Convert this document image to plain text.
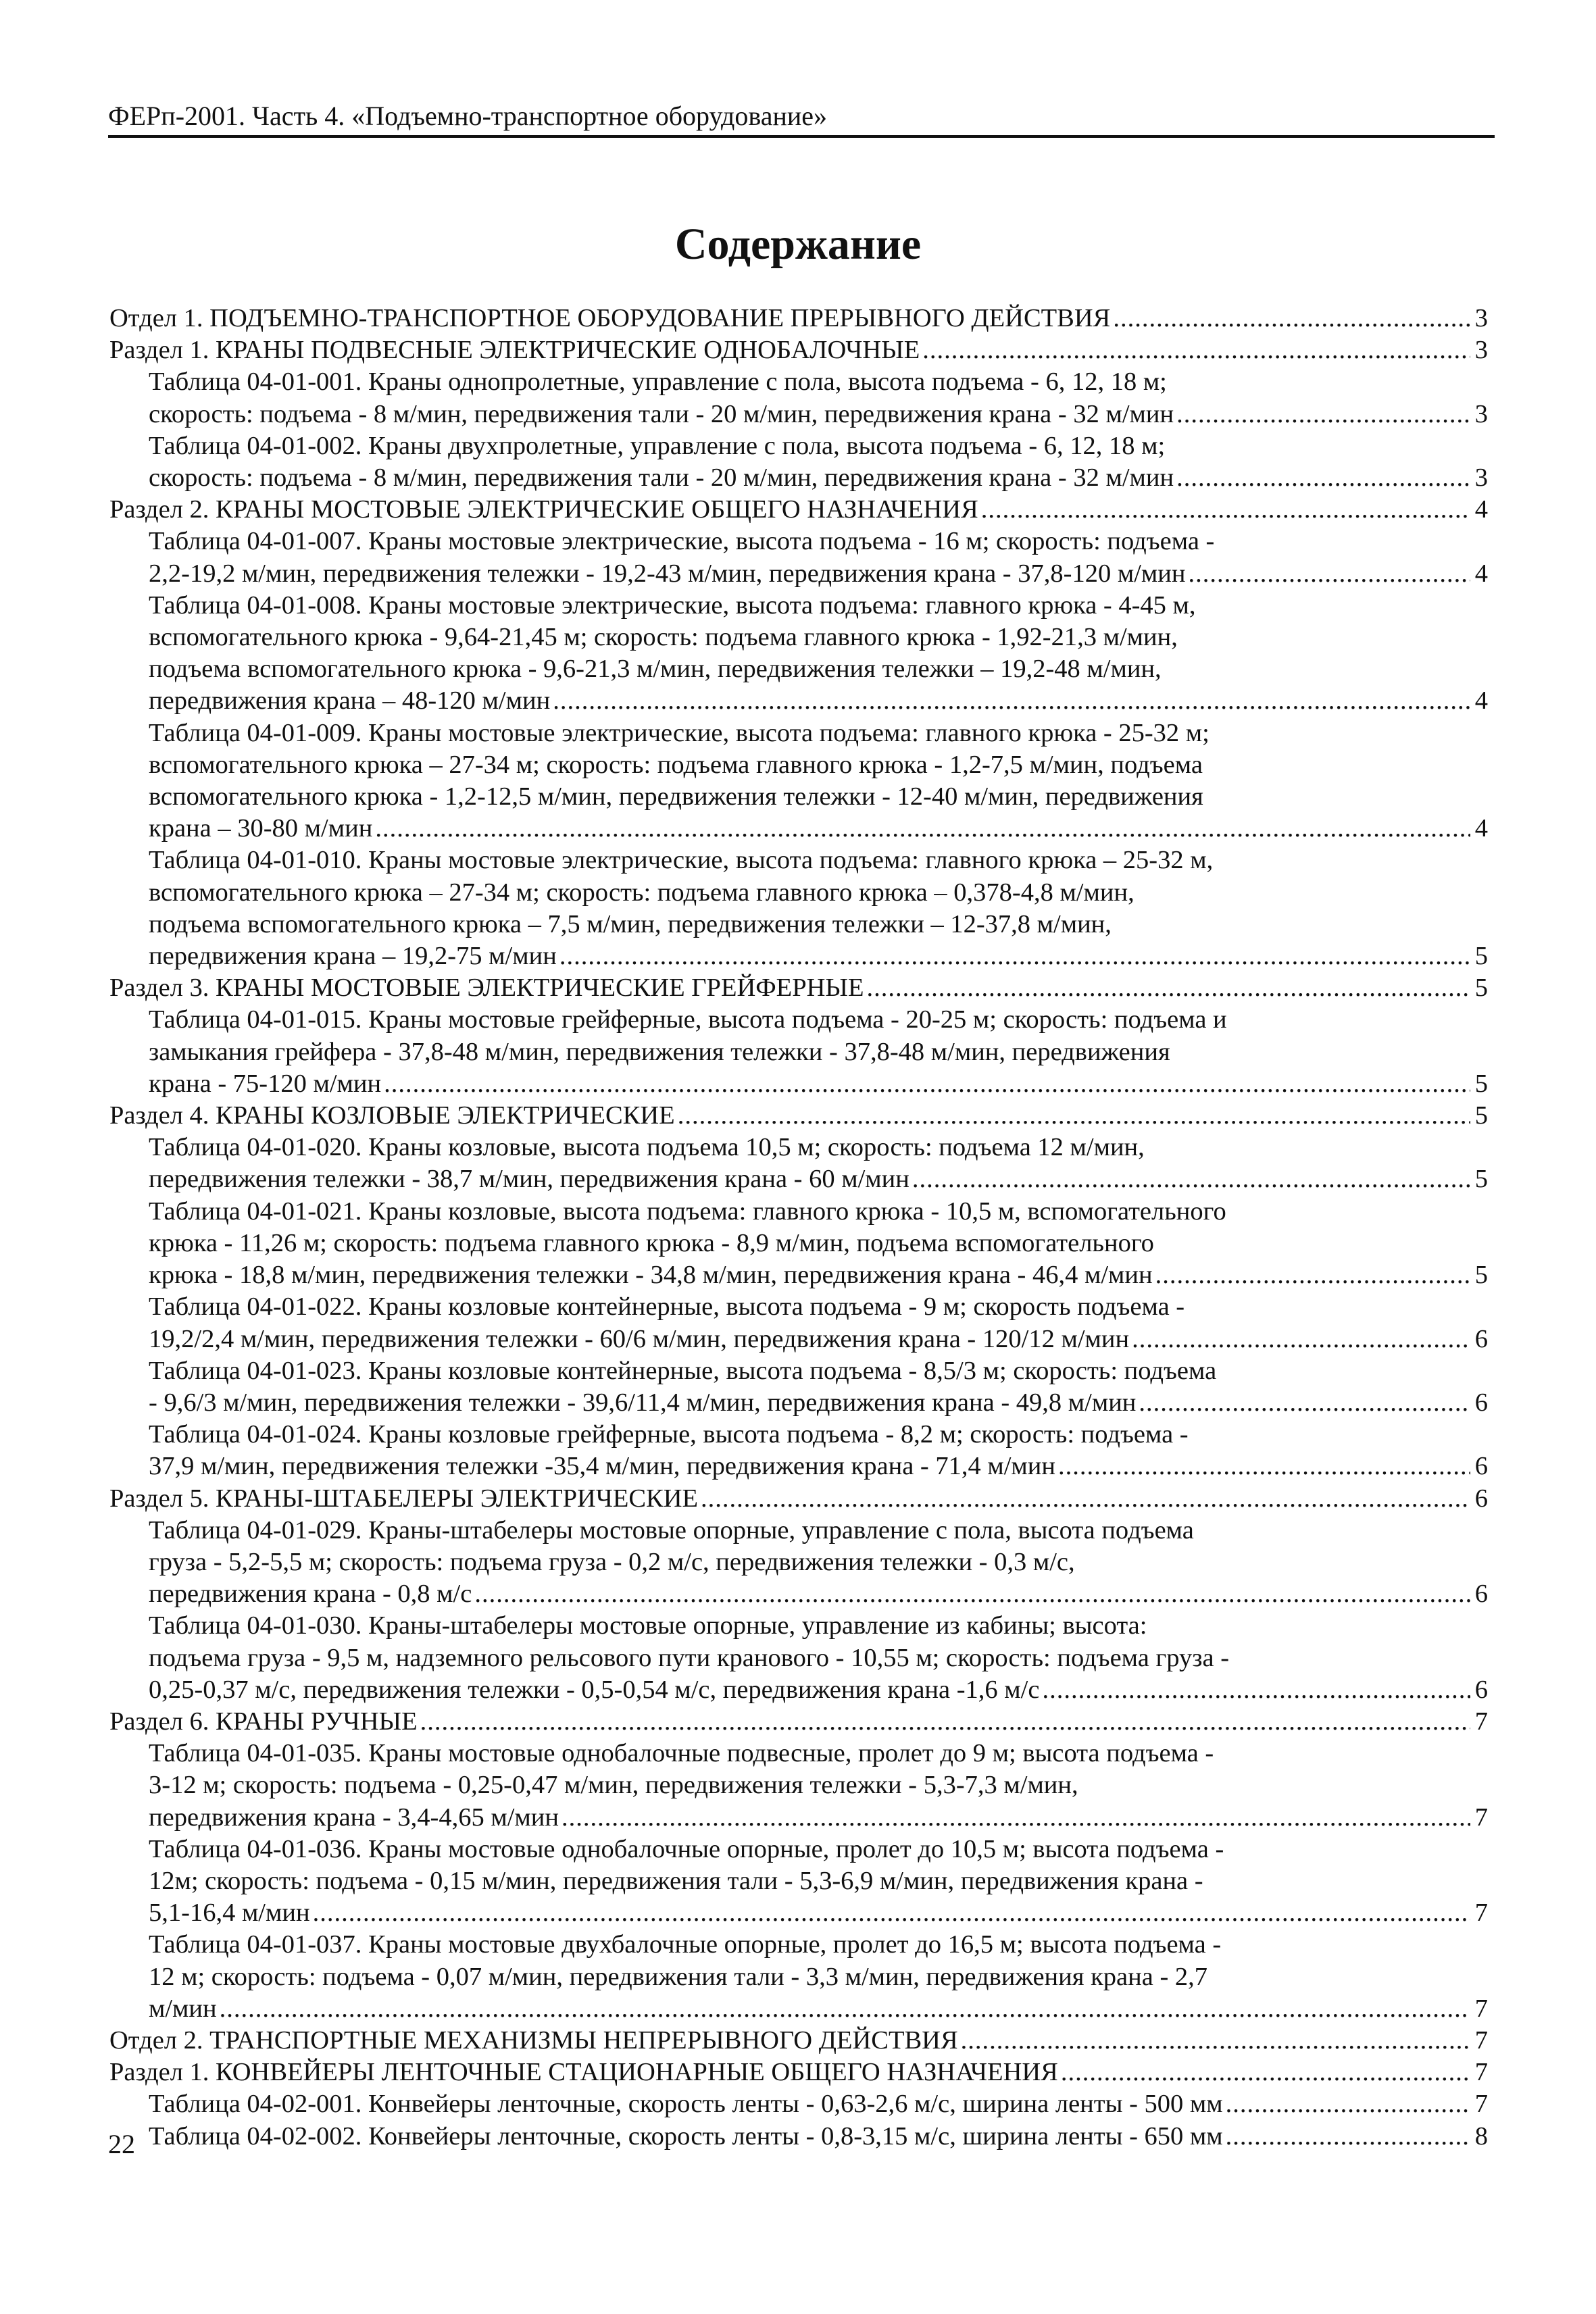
ФЕРп-2001. Часть 4. «Подъемно-транспортное оборудование»
Содержание
Отдел 1. ПОДЪЕМНО-ТРАНСПОРТНОЕ ОБОРУДОВАНИЕ ПРЕРЫВНОГО ДЕЙСТВИЯ .....	3
Раздел 1. КРАНЫ ПОДВЕСНЫЕ ЭЛЕКТРИЧЕСКИЕ ОДНОБАЛОЧНЫЕ .....	3
Таблица 04-01-001. Краны однопролетные, управление с пола, высота подъема - 6, 12, 18 м;
скорость: подъема - 8 м/мин, передвижения тали - 20 м/мин, передвижения крана - 32 м/мин .....	3
Таблица 04-01-002. Краны двухпролетные, управление с пола, высота подъема - 6, 12, 18 м;
скорость: подъема - 8 м/мин, передвижения тали - 20 м/мин, передвижения крана - 32 м/мин .....	3
Раздел 2. КРАНЫ МОСТОВЫЕ ЭЛЕКТРИЧЕСКИЕ ОБЩЕГО НАЗНАЧЕНИЯ .....	4
Таблица 04-01-007. Краны мостовые электрические, высота подъема - 16 м; скорость: подъема -
2,2-19,2 м/мин, передвижения тележки - 19,2-43 м/мин, передвижения крана - 37,8-120 м/мин .....	4
Таблица 04-01-008. Краны мостовые электрические, высота подъема: главного крюка - 4-45 м,
вспомогательного крюка - 9,64-21,45 м; скорость: подъема главного крюка - 1,92-21,3 м/мин,
подъема вспомогательного крюка - 9,6-21,3 м/мин, передвижения тележки – 19,2-48 м/мин,
передвижения крана – 48-120 м/мин .....	4
Таблица 04-01-009. Краны мостовые электрические, высота подъема: главного крюка - 25-32 м;
вспомогательного крюка – 27-34 м; скорость: подъема главного крюка - 1,2-7,5 м/мин, подъема
вспомогательного крюка - 1,2-12,5 м/мин, передвижения тележки - 12-40 м/мин, передвижения
крана – 30-80 м/мин .....	4
Таблица 04-01-010. Краны мостовые электрические, высота подъема: главного крюка – 25-32 м,
вспомогательного крюка – 27-34 м; скорость: подъема главного крюка – 0,378-4,8 м/мин,
подъема вспомогательного крюка – 7,5 м/мин, передвижения тележки – 12-37,8 м/мин,
передвижения крана – 19,2-75 м/мин .....	5
Раздел 3. КРАНЫ МОСТОВЫЕ ЭЛЕКТРИЧЕСКИЕ ГРЕЙФЕРНЫЕ .....	5
Таблица 04-01-015. Краны мостовые грейферные, высота подъема - 20-25 м; скорость: подъема и
замыкания грейфера - 37,8-48 м/мин, передвижения тележки - 37,8-48 м/мин, передвижения
крана - 75-120 м/мин .....	5
Раздел 4. КРАНЫ КОЗЛОВЫЕ ЭЛЕКТРИЧЕСКИЕ .....	5
Таблица 04-01-020. Краны козловые, высота подъема 10,5 м; скорость: подъема 12 м/мин,
передвижения тележки - 38,7 м/мин, передвижения крана - 60 м/мин .....	5
Таблица 04-01-021. Краны козловые, высота подъема: главного крюка - 10,5 м, вспомогательного
крюка - 11,26 м; скорость: подъема главного крюка - 8,9 м/мин, подъема вспомогательного
крюка - 18,8 м/мин, передвижения тележки - 34,8 м/мин, передвижения крана - 46,4 м/мин .....	5
Таблица 04-01-022. Краны козловые контейнерные, высота подъема - 9 м; скорость подъема -
19,2/2,4 м/мин, передвижения тележки - 60/6 м/мин, передвижения крана - 120/12 м/мин .....	6
Таблица 04-01-023. Краны козловые контейнерные, высота подъема - 8,5/3 м; скорость: подъема
- 9,6/3 м/мин, передвижения тележки - 39,6/11,4 м/мин, передвижения крана - 49,8 м/мин .....	6
Таблица 04-01-024. Краны козловые грейферные, высота подъема - 8,2 м; скорость: подъема -
37,9 м/мин, передвижения тележки -35,4 м/мин, передвижения крана - 71,4 м/мин .....	6
Раздел 5. КРАНЫ-ШТАБЕЛЕРЫ ЭЛЕКТРИЧЕСКИЕ .....	6
Таблица 04-01-029. Краны-штабелеры мостовые опорные, управление с пола, высота подъема
груза - 5,2-5,5 м; скорость: подъема груза - 0,2 м/с, передвижения тележки - 0,3 м/с,
передвижения крана - 0,8 м/с .....	6
Таблица 04-01-030. Краны-штабелеры мостовые опорные, управление из кабины; высота:
подъема груза - 9,5 м, надземного рельсового пути кранового - 10,55 м; скорость: подъема груза -
0,25-0,37 м/с, передвижения тележки - 0,5-0,54 м/с, передвижения крана -1,6 м/с .....	6
Раздел 6. КРАНЫ РУЧНЫЕ .....	7
Таблица 04-01-035. Краны мостовые однобалочные подвесные, пролет до 9 м; высота подъема -
3-12 м; скорость: подъема - 0,25-0,47 м/мин, передвижения тележки - 5,3-7,3 м/мин,
передвижения крана - 3,4-4,65 м/мин .....	7
Таблица 04-01-036. Краны мостовые однобалочные опорные, пролет до 10,5 м; высота подъема -
12м; скорость: подъема - 0,15 м/мин, передвижения тали - 5,3-6,9 м/мин, передвижения крана -
5,1-16,4 м/мин .....	7
Таблица 04-01-037. Краны мостовые двухбалочные опорные, пролет до 16,5 м; высота подъема -
12 м; скорость: подъема - 0,07 м/мин, передвижения тали - 3,3 м/мин, передвижения крана - 2,7
м/мин .....	7
Отдел 2. ТРАНСПОРТНЫЕ МЕХАНИЗМЫ НЕПРЕРЫВНОГО ДЕЙСТВИЯ .....	7
Раздел 1. КОНВЕЙЕРЫ ЛЕНТОЧНЫЕ СТАЦИОНАРНЫЕ ОБЩЕГО НАЗНАЧЕНИЯ .....	7
Таблица 04-02-001. Конвейеры ленточные, скорость ленты - 0,63-2,6 м/с, ширина ленты - 500 мм .....	7
Таблица 04-02-002. Конвейеры ленточные, скорость ленты - 0,8-3,15 м/с, ширина ленты - 650 мм .....	8
22
